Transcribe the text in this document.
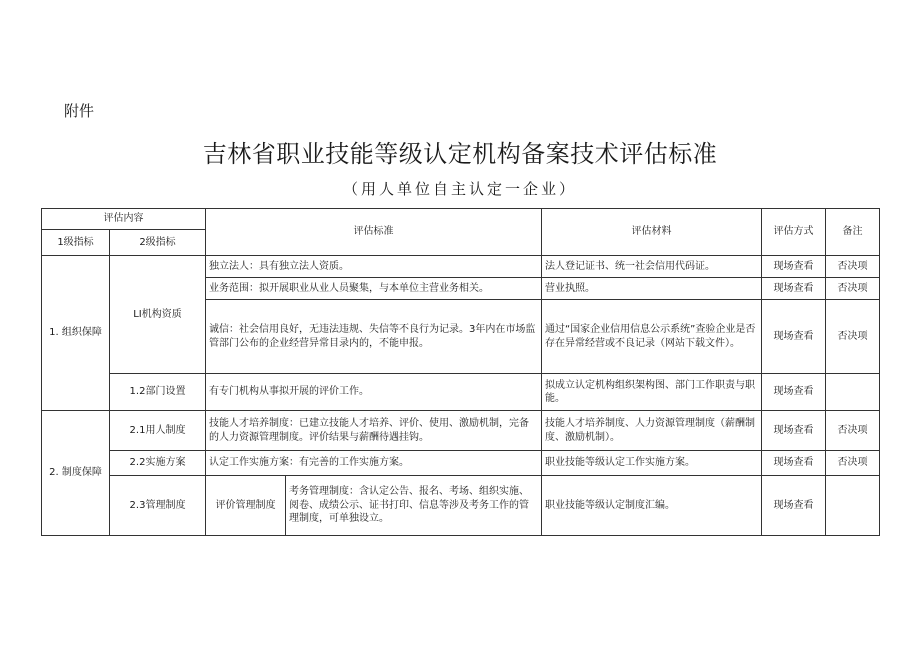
附件
吉林省职业技能等级认定机构备案技术评估标准
（用人单位自主认定一企业）
评估内容		评估标准		评估材料	评估方式	备注
1级指标	2级指标					
1. 组织保障	LI机构资质	独立法人：具有独立法人资质。		法人登记证书、统一社会信用代码证。	现场查看	否决项
		业务范围：拟开展职业从业人员聚集，与本单位主营业务相关。		营业执照。	现场查看	否决项
		诚信：社会信用良好，无违法违规、失信等不良行为记录。3年内在市场监管部门公布的企业经营异常目录内的，不能申报。		通过“国家企业信用信息公示系统”查验企业是否存在异常经营或不良记录（网站下载文件）。	现场查看	否决项
	1.2部门设置	有专门机构从事拟开展的评价工作。		拟成立认定机构组织架构图、部门工作职责与职能。	现场查看	
2. 制度保障	2.1用人制度	技能人才培养制度：已建立技能人才培养、评价、使用、激励机制，完备的人力资源管理制度。评价结果与薪酬待遇挂钩。		技能人才培养制度、人力资源管理制度（薪酬制度、激励机制）。	现场查看	否决项
	2.2实施方案	认定工作实施方案：有完善的工作实施方案。		职业技能等级认定工作实施方案。	现场查看	否决项
	2.3管理制度	评价管理制度	考务管理制度：含认定公告、报名、考场、组织实施、阅卷、成绩公示、证书打印、信息等涉及考务工作的管理制度，可单独设立。	职业技能等级认定制度汇编。	现场查看	
